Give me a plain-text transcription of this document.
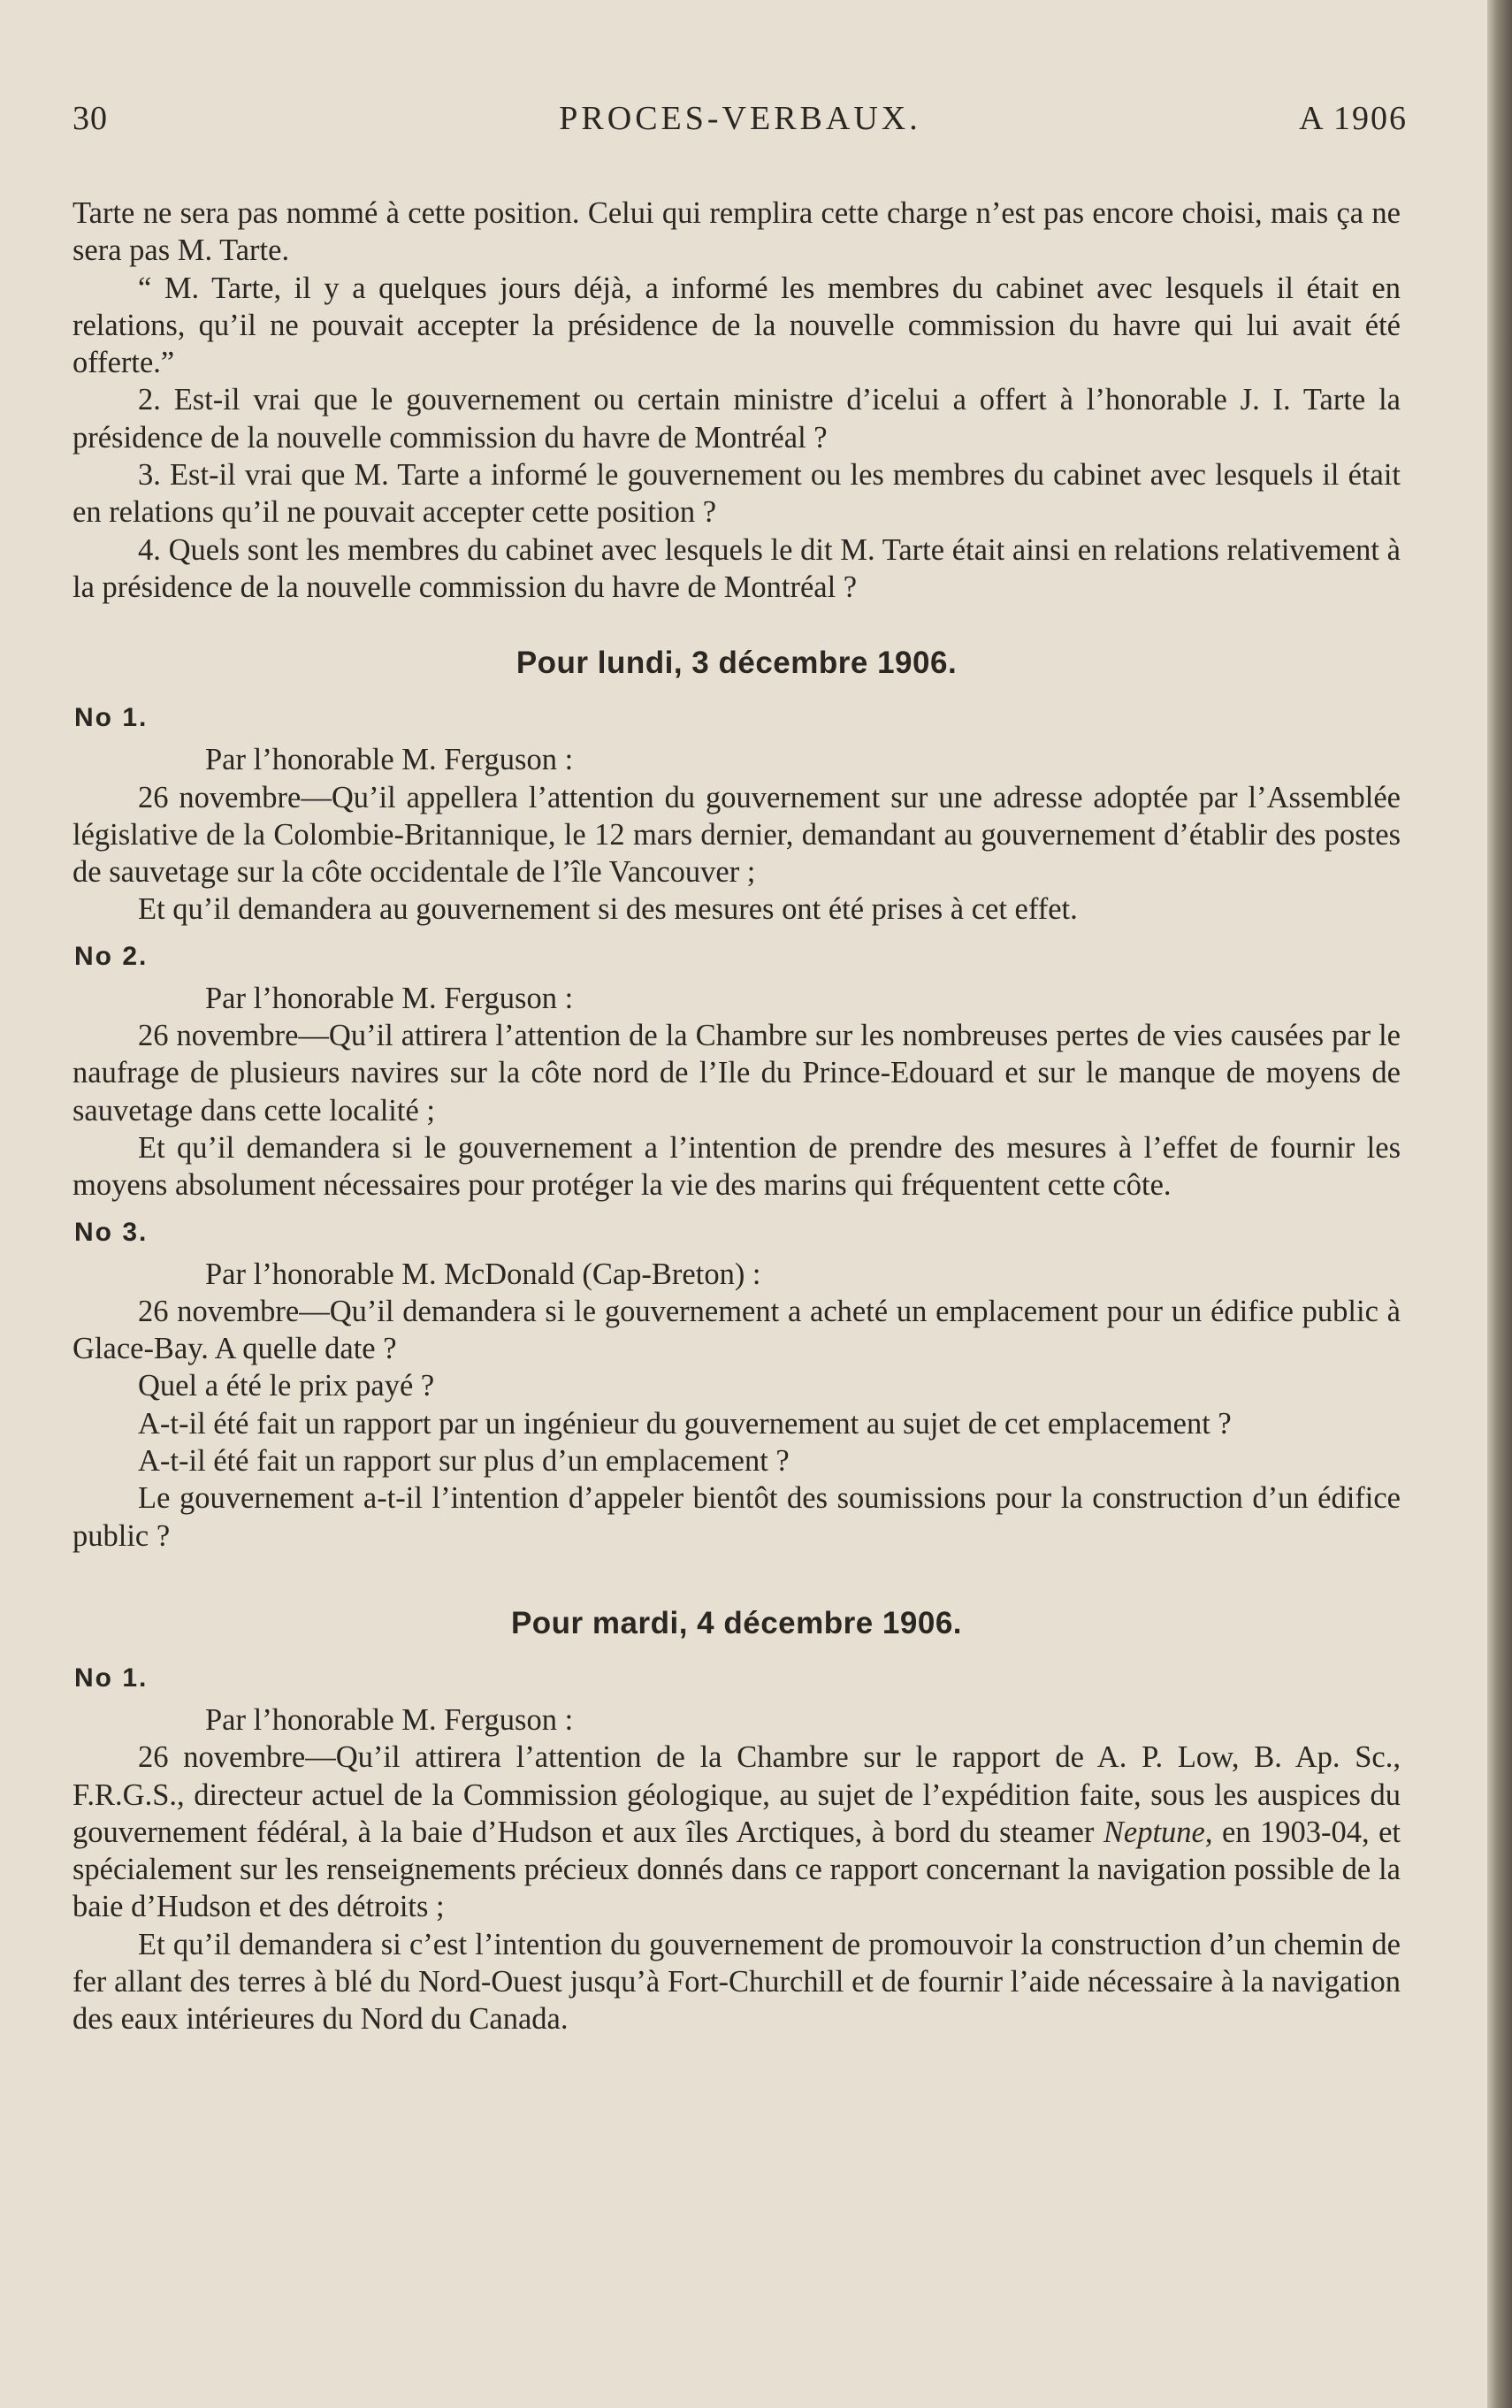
30	PROCES-VERBAUX.	A 1906

Tarte ne sera pas nommé à cette position. Celui qui remplira cette charge n’est pas encore choisi, mais ça ne sera pas M. Tarte.

“ M. Tarte, il y a quelques jours déjà, a informé les membres du cabinet avec lesquels il était en relations, qu’il ne pouvait accepter la présidence de la nouvelle commission du havre qui lui avait été offerte.”

2. Est-il vrai que le gouvernement ou certain ministre d’icelui a offert à l’honorable J. I. Tarte la présidence de la nouvelle commission du havre de Montréal ?

3. Est-il vrai que M. Tarte a informé le gouvernement ou les membres du cabinet avec lesquels il était en relations qu’il ne pouvait accepter cette position ?

4. Quels sont les membres du cabinet avec lesquels le dit M. Tarte était ainsi en relations relativement à la présidence de la nouvelle commission du havre de Montréal ?

Pour lundi, 3 décembre 1906.
No 1.

Par l’honorable M. Ferguson :

26 novembre—Qu’il appellera l’attention du gouvernement sur une adresse adoptée par l’Assemblée législative de la Colombie-Britannique, le 12 mars dernier, demandant au gouvernement d’établir des postes de sauvetage sur la côte occidentale de l’île Vancouver ;

Et qu’il demandera au gouvernement si des mesures ont été prises à cet effet.

No 2.

Par l’honorable M. Ferguson :

26 novembre—Qu’il attirera l’attention de la Chambre sur les nombreuses pertes de vies causées par le naufrage de plusieurs navires sur la côte nord de l’Ile du Prince-Edouard et sur le manque de moyens de sauvetage dans cette localité ;

Et qu’il demandera si le gouvernement a l’intention de prendre des mesures à l’effet de fournir les moyens absolument nécessaires pour protéger la vie des marins qui fréquentent cette côte.

No 3.

Par l’honorable M. McDonald (Cap-Breton) :

26 novembre—Qu’il demandera si le gouvernement a acheté un emplacement pour un édifice public à Glace-Bay. A quelle date ?

Quel a été le prix payé ?

A-t-il été fait un rapport par un ingénieur du gouvernement au sujet de cet emplacement ?

A-t-il été fait un rapport sur plus d’un emplacement ?

Le gouvernement a-t-il l’intention d’appeler bientôt des soumissions pour la construction d’un édifice public ?

Pour mardi, 4 décembre 1906.
No 1.

Par l’honorable M. Ferguson :

26 novembre—Qu’il attirera l’attention de la Chambre sur le rapport de A. P. Low, B. Ap. Sc., F.R.G.S., directeur actuel de la Commission géologique, au sujet de l’expédition faite, sous les auspices du gouvernement fédéral, à la baie d’Hudson et aux îles Arctiques, à bord du steamer Neptune, en 1903-04, et spécialement sur les renseignements précieux donnés dans ce rapport concernant la navigation possible de la baie d’Hudson et des détroits ;

Et qu’il demandera si c’est l’intention du gouvernement de promouvoir la construction d’un chemin de fer allant des terres à blé du Nord-Ouest jusqu’à Fort-Churchill et de fournir l’aide nécessaire à la navigation des eaux intérieures du Nord du Canada.
